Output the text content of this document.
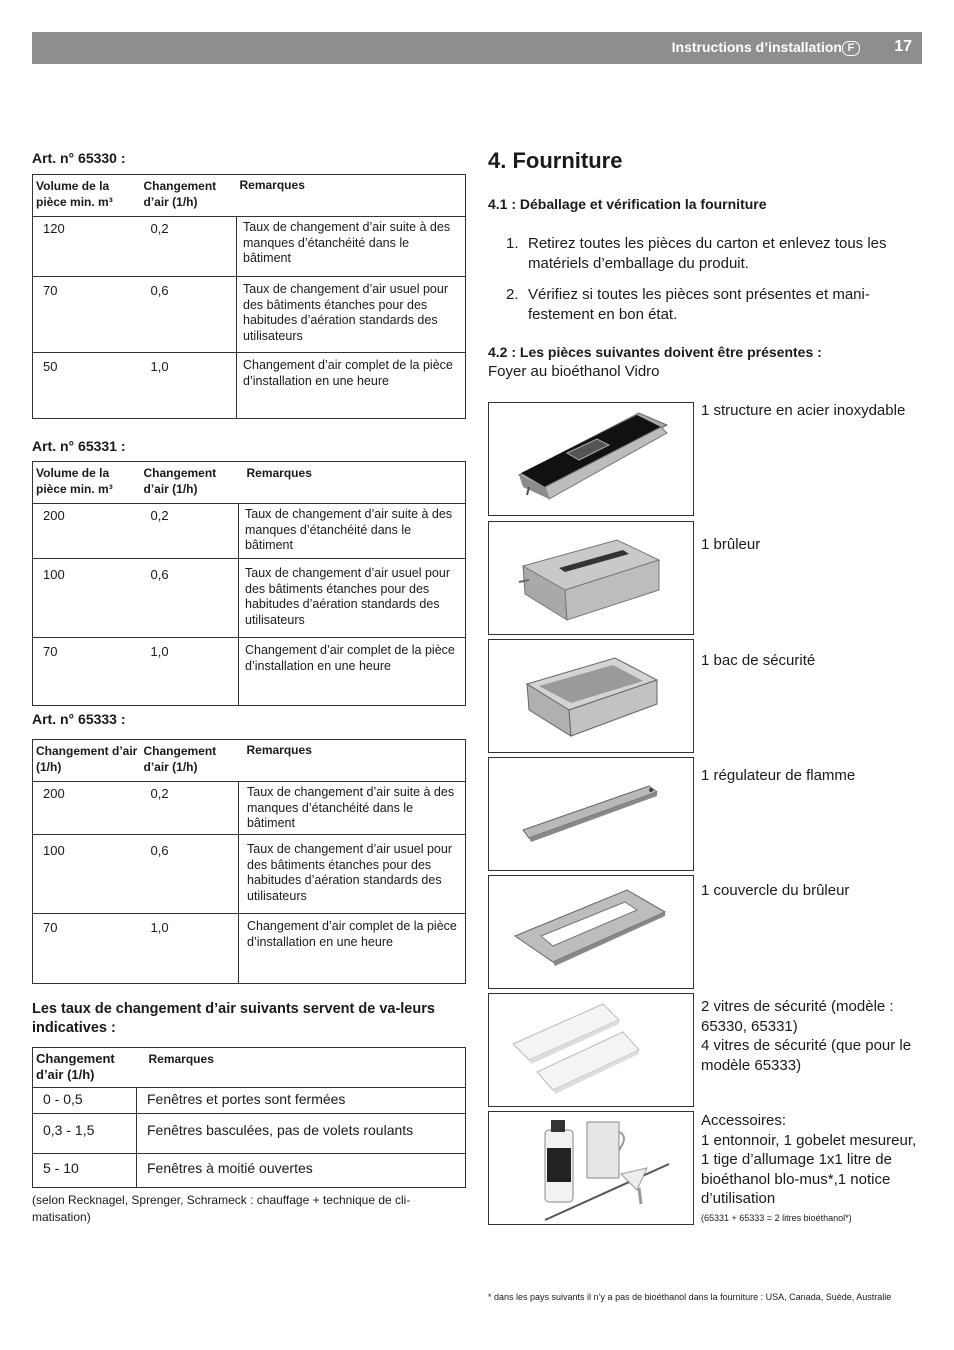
Instructions d’installation F	17
Art. n° 65330 :
Volume de la pièce min. m³	Changement d’air (1/h)	Remarques

120	0,2	Taux de changement d’air suite à des manques d’étanchéité dans le bâtiment
70	0,6	Taux de changement d’air usuel pour des bâtiments étanches pour des habitudes d’aération standards des utilisateurs
50	1,0	Changement d’air complet de la pièce d’installation en une heure
Art. n° 65331 :
Volume de la pièce min. m³	Changement d’air (1/h)	Remarques

200	0,2	Taux de changement d’air suite à des manques d’étanchéité dans le bâtiment
100	0,6	Taux de changement d’air usuel pour des bâtiments étanches pour des habitudes d’aération standards des utilisateurs
70	1,0	Changement d’air complet de la pièce d’installation en une heure
Art. n° 65333 :
Changement d’air (1/h)	Changement d’air (1/h)	Remarques

200	0,2	Taux de changement d’air suite à des manques d’étanchéité dans le bâtiment
100	0,6	Taux de changement d’air usuel pour des bâtiments étanches pour des habitudes d’aération standards des utilisateurs
70	1,0	Changement d’air complet de la pièce d’installation en une heure
Les taux de changement d’air suivants servent de va-leurs indicatives :
Changement d’air (1/h)	Remarques

0 - 0,5	Fenêtres et portes sont fermées
0,3 - 1,5	Fenêtres basculées, pas de volets roulants
5 - 10	Fenêtres à moitié ouvertes
(selon Recknagel, Sprenger, Schrameck : chauffage + technique de cli-matisation)
4. Fourniture
4.1 : Déballage et vérification la fourniture
1. Retirez toutes les pièces du carton et enlevez tous les matériels d’emballage du produit.
2. Vérifiez si toutes les pièces sont présentes et mani-festement en bon état.
4.2 : Les pièces suivantes doivent être présentes :
Foyer au bioéthanol Vidro
1 structure en acier inoxydable
1 brûleur
1 bac de sécurité
1 régulateur de flamme
1 couvercle du brûleur
2 vitres de sécurité (modèle : 65330, 65331)
4 vitres de sécurité (que pour le modèle 65333)
Accessoires:
1 entonnoir, 1 gobelet mesureur, 1 tige d’allumage 1x1 litre de bioéthanol blo-mus*,1 notice d’utilisation
(65331 + 65333 = 2 litres bioéthanol*)
* dans les pays suivants il n’y a pas de bioéthanol dans la fourniture : USA, Canada, Suède, Australie
